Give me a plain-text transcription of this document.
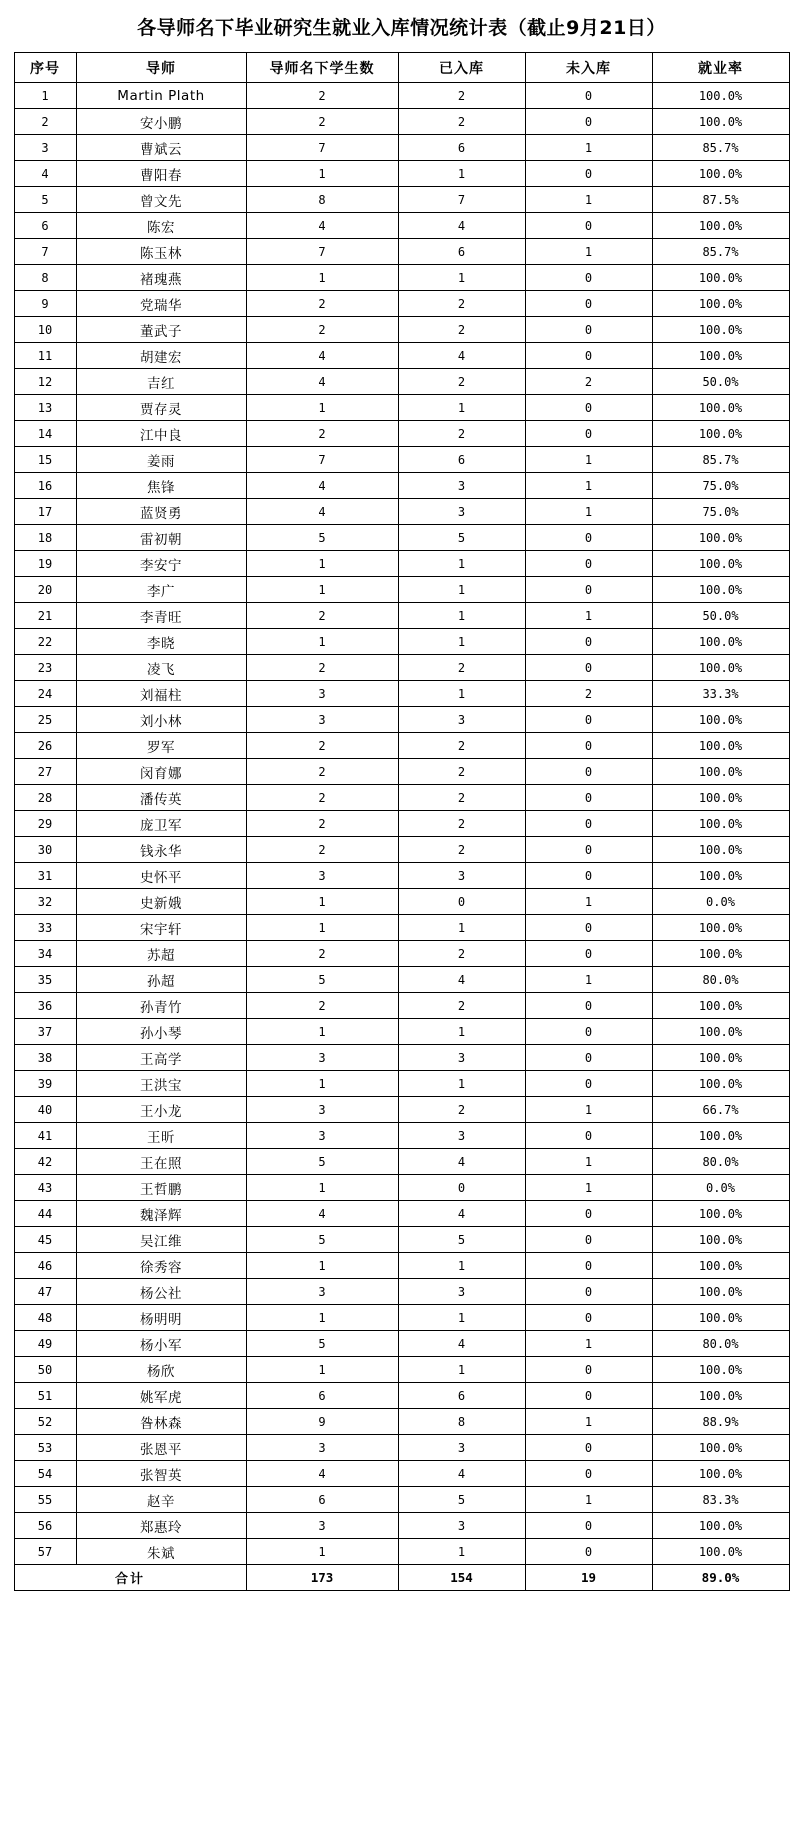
各导师名下毕业研究生就业入库情况统计表（截止9月21日）
序号	导师	导师名下学生数	已入库	未入库	就业率
1	Martin Plath	2	2	0	100.0%
2	安小鹏	2	2	0	100.0%
3	曹斌云	7	6	1	85.7%
4	曹阳春	1	1	0	100.0%
5	曾文先	8	7	1	87.5%
6	陈宏	4	4	0	100.0%
7	陈玉林	7	6	1	85.7%
8	褚瑰燕	1	1	0	100.0%
9	党瑞华	2	2	0	100.0%
10	董武子	2	2	0	100.0%
11	胡建宏	4	4	0	100.0%
12	吉红	4	2	2	50.0%
13	贾存灵	1	1	0	100.0%
14	江中良	2	2	0	100.0%
15	姜雨	7	6	1	85.7%
16	焦锋	4	3	1	75.0%
17	蓝贤勇	4	3	1	75.0%
18	雷初朝	5	5	0	100.0%
19	李安宁	1	1	0	100.0%
20	李广	1	1	0	100.0%
21	李青旺	2	1	1	50.0%
22	李晓	1	1	0	100.0%
23	凌飞	2	2	0	100.0%
24	刘福柱	3	1	2	33.3%
25	刘小林	3	3	0	100.0%
26	罗军	2	2	0	100.0%
27	闵育娜	2	2	0	100.0%
28	潘传英	2	2	0	100.0%
29	庞卫军	2	2	0	100.0%
30	钱永华	2	2	0	100.0%
31	史怀平	3	3	0	100.0%
32	史新娥	1	0	1	0.0%
33	宋宇轩	1	1	0	100.0%
34	苏超	2	2	0	100.0%
35	孙超	5	4	1	80.0%
36	孙青竹	2	2	0	100.0%
37	孙小琴	1	1	0	100.0%
38	王高学	3	3	0	100.0%
39	王洪宝	1	1	0	100.0%
40	王小龙	3	2	1	66.7%
41	王昕	3	3	0	100.0%
42	王在照	5	4	1	80.0%
43	王哲鹏	1	0	1	0.0%
44	魏泽辉	4	4	0	100.0%
45	吴江维	5	5	0	100.0%
46	徐秀容	1	1	0	100.0%
47	杨公社	3	3	0	100.0%
48	杨明明	1	1	0	100.0%
49	杨小军	5	4	1	80.0%
50	杨欣	1	1	0	100.0%
51	姚军虎	6	6	0	100.0%
52	昝林森	9	8	1	88.9%
53	张恩平	3	3	0	100.0%
54	张智英	4	4	0	100.0%
55	赵辛	6	5	1	83.3%
56	郑惠玲	3	3	0	100.0%
57	朱斌	1	1	0	100.0%
合计		173	154	19	89.0%
